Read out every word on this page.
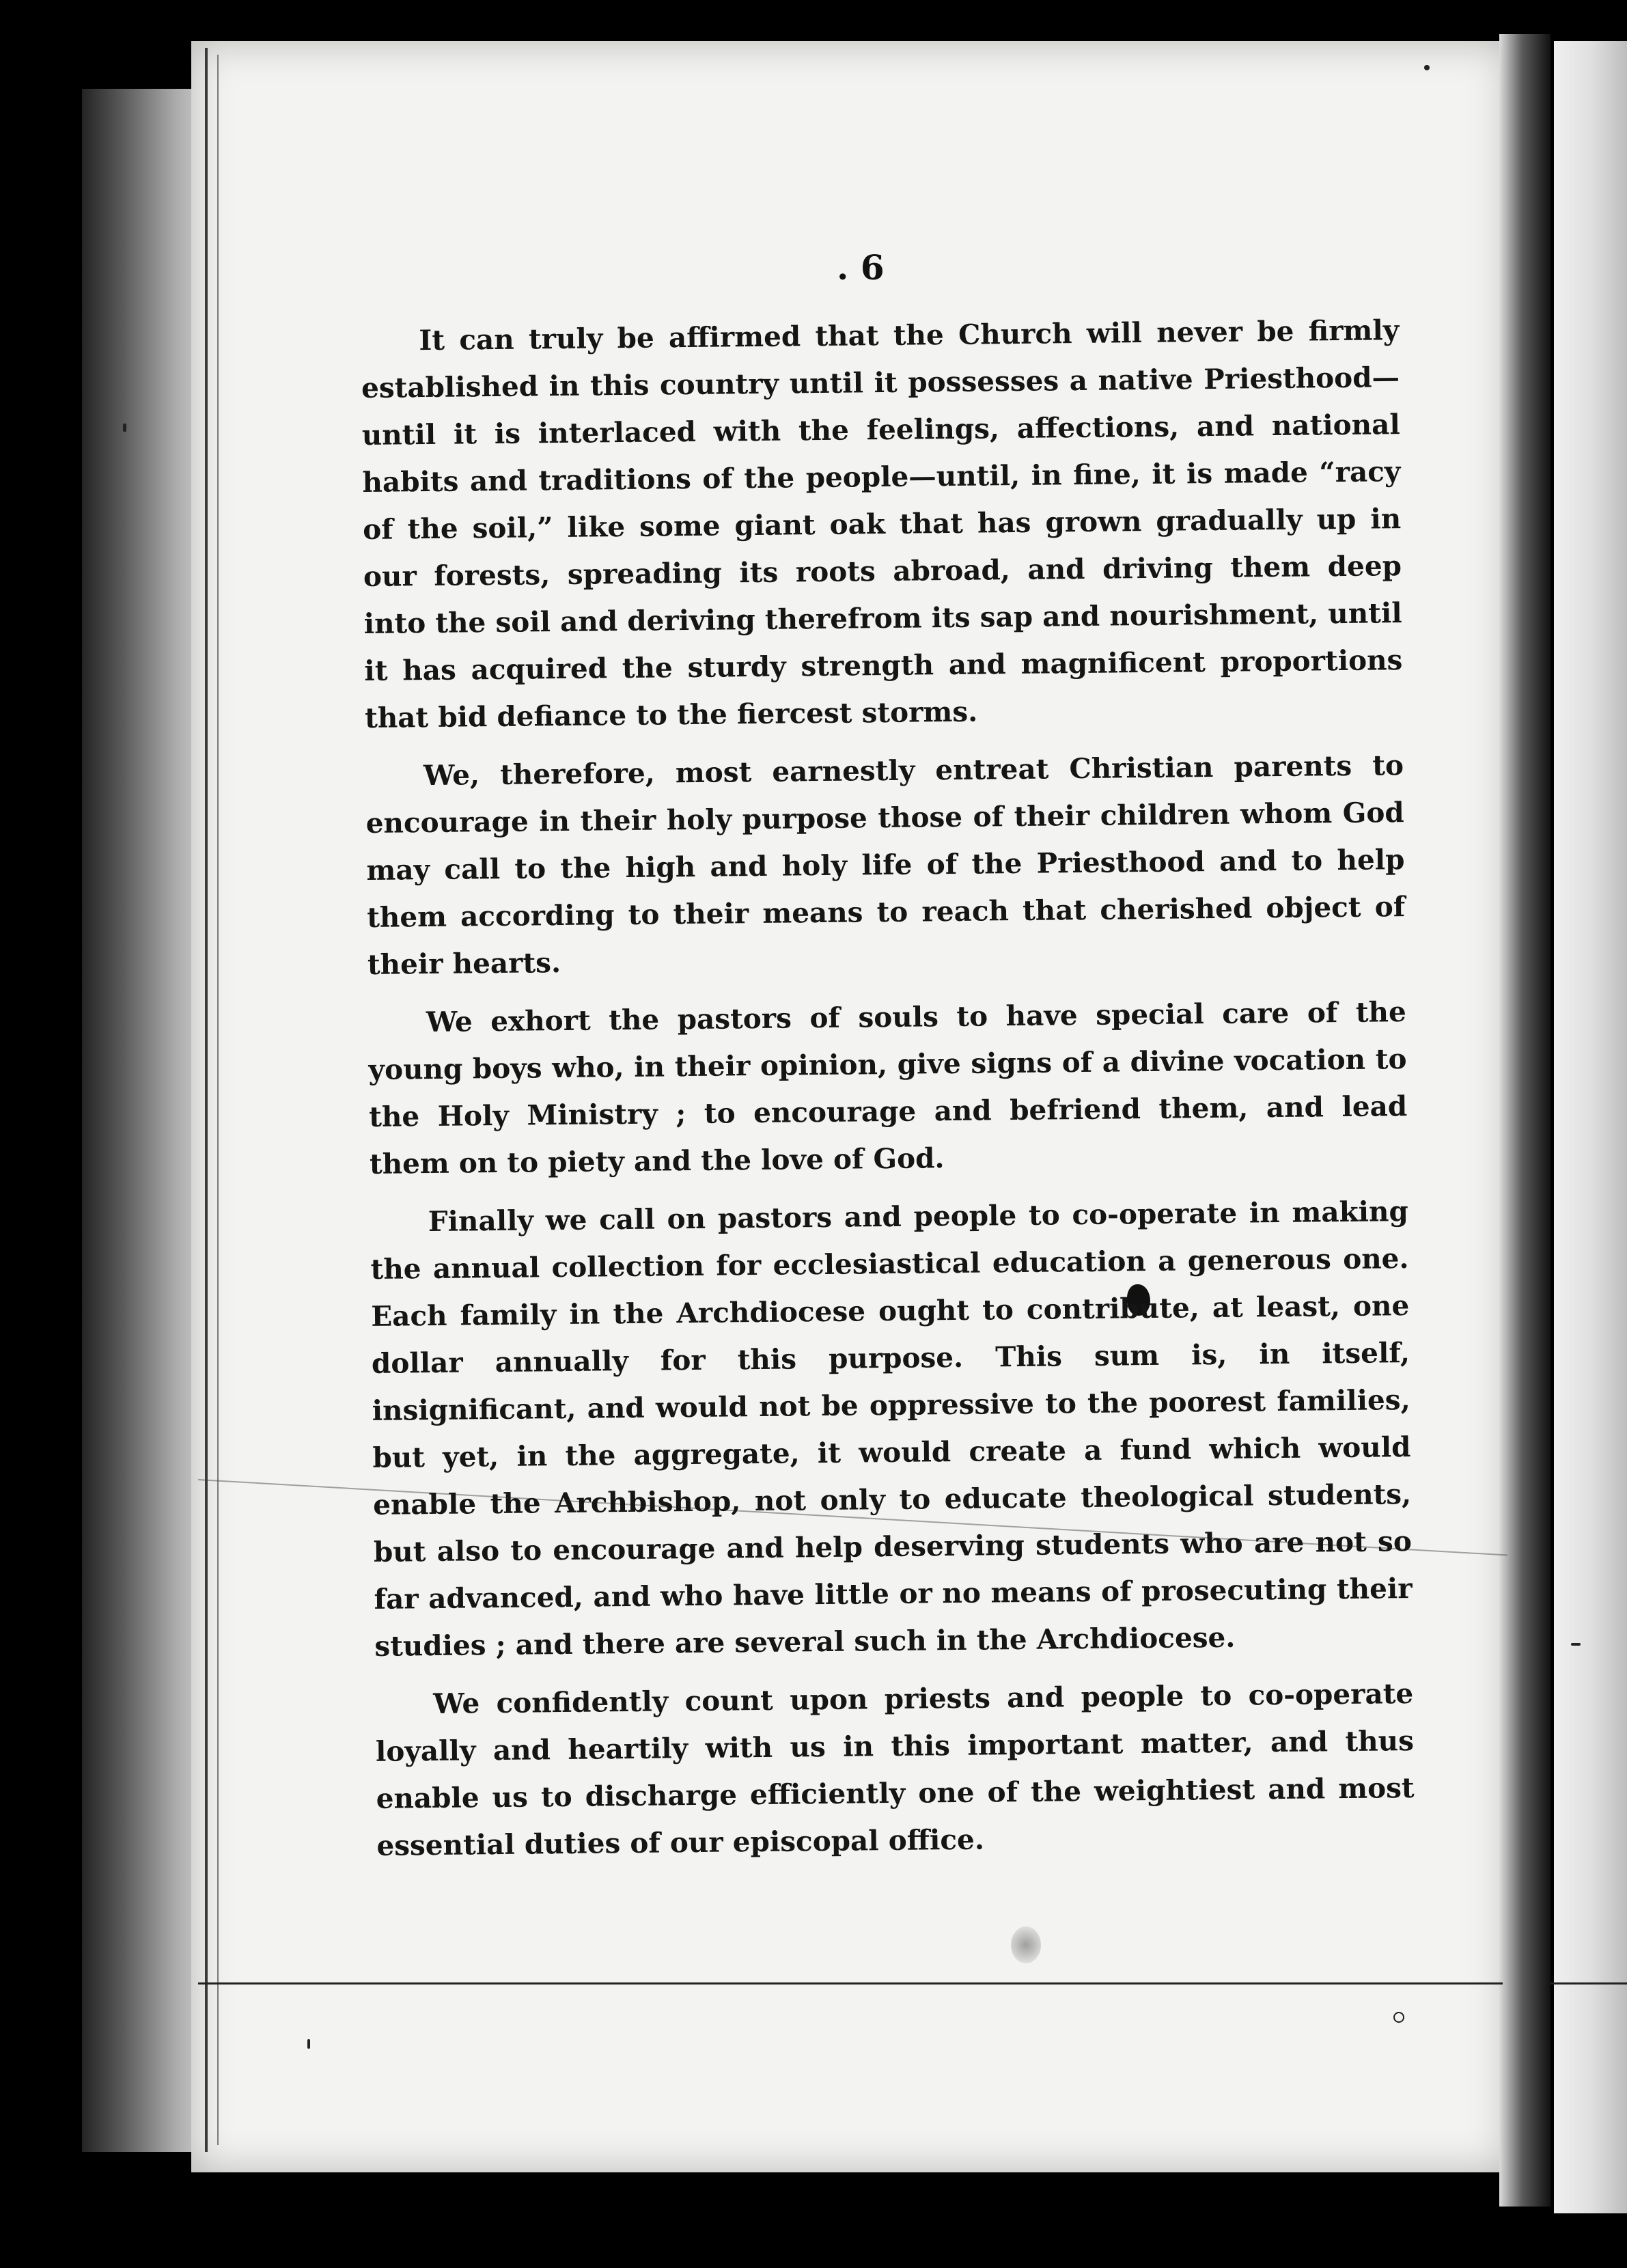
. 6

It can truly be affirmed that the Church will never be firmly established in this country until it possesses a native Priesthood—until it is interlaced with the feelings, affections, and national habits and traditions of the people—until, in fine, it is made “racy of the soil,” like some giant oak that has grown gradually up in our forests, spreading its roots abroad, and driving them deep into the soil and deriving therefrom its sap and nourishment, until it has acquired the sturdy strength and magnificent proportions that bid defiance to the fiercest storms.

We, therefore, most earnestly entreat Christian parents to encourage in their holy purpose those of their children whom God may call to the high and holy life of the Priesthood and to help them according to their means to reach that cherished object of their hearts.

We exhort the pastors of souls to have special care of the young boys who, in their opinion, give signs of a divine vocation to the Holy Ministry ; to encourage and befriend them, and lead them on to piety and the love of God.

Finally we call on pastors and people to co-operate in making the annual collection for ecclesiastical education a generous one. Each family in the Archdiocese ought to contribute, at least, one dollar annually for this purpose. This sum is, in itself, insignificant, and would not be oppressive to the poorest families, but yet, in the aggregate, it would create a fund which would enable the Archbishop, not only to educate theological students, but also to encourage and help deserving students who are not so far advanced, and who have little or no means of prosecuting their studies ; and there are several such in the Archdiocese.

We confidently count upon priests and people to co-operate loyally and heartily with us in this important matter, and thus enable us to discharge efficiently one of the weightiest and most essential duties of our episcopal office.
